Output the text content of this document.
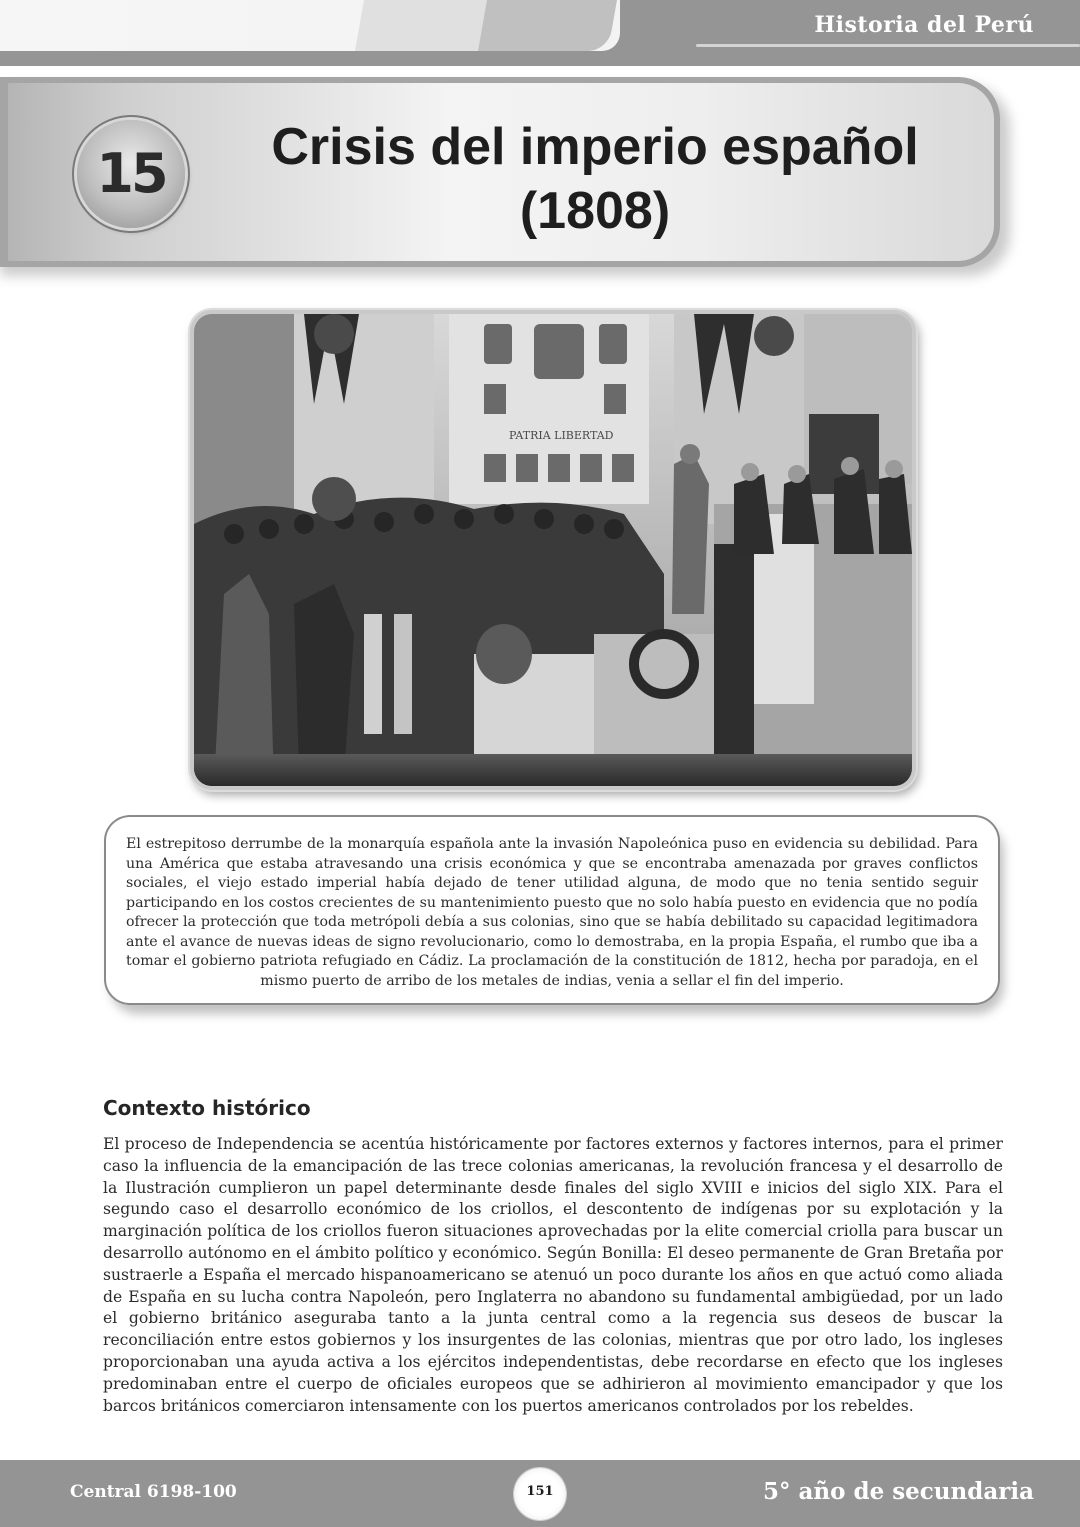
Historia del Perú
15	Crisis del imperio español
(1808)
PATRIA LIBERTAD
El estrepitoso derrumbe de la monarquía española ante la invasión Napoleónica puso en evidencia su debilidad. Para una América que estaba atravesando una crisis económica y que se encontraba amenazada por graves conflictos sociales, el viejo estado imperial había dejado de tener utilidad alguna, de modo que no tenia sentido seguir participando en los costos crecientes de su mantenimiento puesto que no solo había puesto en evidencia que no podía ofrecer la protección que toda metrópoli debía a sus colonias, sino que se había debilitado su capacidad legitimadora ante el avance de nuevas ideas de signo revolucionario, como lo demostraba, en la propia España, el rumbo que iba a tomar el gobierno patriota refugiado en Cádiz. La proclamación de la constitución de 1812, hecha por paradoja, en el mismo puerto de arribo de los metales de indias, venia a sellar el fin del imperio.
Contexto histórico
El proceso de Independencia se acentúa históricamente por factores externos y factores internos, para el primer caso la influencia de la emancipación de las trece colonias americanas, la revolución francesa y el desarrollo de la Ilustración cumplieron un papel determinante desde finales del siglo XVIII e inicios del siglo XIX. Para el segundo caso el desarrollo económico de los criollos, el descontento de indígenas por su explotación y la marginación política de los criollos fueron situaciones aprovechadas por la elite comercial criolla para buscar un desarrollo autónomo en el ámbito político y económico. Según Bonilla: El deseo permanente de Gran Bretaña por sustraerle a España el mercado hispanoamericano se atenuó un poco durante los años en que actuó como aliada de España en su lucha contra Napoleón, pero Inglaterra no abandono su fundamental ambigüedad, por un lado el gobierno británico aseguraba tanto a la junta central como a la regencia sus deseos de buscar la reconciliación entre estos gobiernos y los insurgentes de las colonias, mientras que por otro lado, los ingleses proporcionaban una ayuda activa a los ejércitos independentistas, debe recordarse en efecto que los ingleses predominaban entre el cuerpo de oficiales europeos que se adhirieron al movimiento emancipador y que los barcos británicos comerciaron intensamente con los puertos americanos controlados por los rebeldes.
Central 6198-100	5° año de secundaria
151
